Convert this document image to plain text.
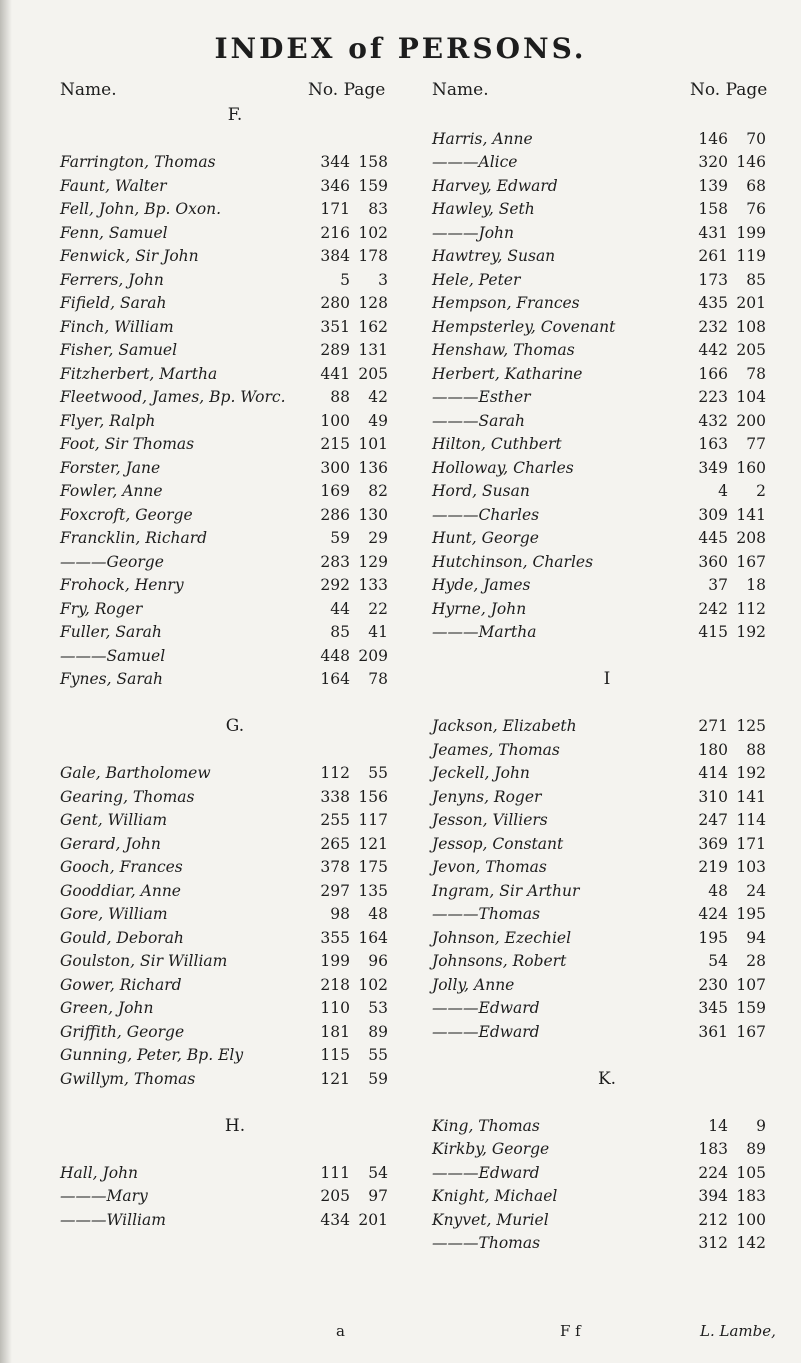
INDEX of PERSONS.
Name.	No. Page	Name.	No. Page
F.
Farrington, Thomas	344 158
Faunt, Walter	346 159
Fell, John, Bp. Oxon.	171	83
Fenn, Samuel	216 102
Fenwick, Sir John	384 178
Ferrers, John	5	3
Fifield, Sarah	280 128
Finch, William	351 162
Fisher, Samuel	289 131
Fitzherbert, Martha	441 205
Fleetwood, James, Bp. Worc.	88	42
Flyer, Ralph	100	49
Foot, Sir Thomas	215 101
Forster, Jane	300 136
Fowler, Anne	169	82
Foxcroft, George	286 130
Francklin, Richard	59	29
———George	283 129
Frohock, Henry	292 133
Fry, Roger	44	22
Fuller, Sarah	85	41
———Samuel	448 209
Fynes, Sarah	164	78
G.
Gale, Bartholomew	112	55
Gearing, Thomas	338 156
Gent, William	255 117
Gerard, John	265 121
Gooch, Frances	378 175
Gooddiar, Anne	297 135
Gore, William	98	48
Gould, Deborah	355 164
Goulston, Sir William	199	96
Gower, Richard	218 102
Green, John	110	53
Griffith, George	181	89
Gunning, Peter, Bp. Ely	115	55
Gwillym, Thomas	121	59
H.
Hall, John	111	54
———Mary	205	97
———William	434 201
Harris, Anne	146	70
———Alice	320 146
Harvey, Edward	139	68
Hawley, Seth	158	76
———John	431 199
Hawtrey, Susan	261 119
Hele, Peter	173	85
Hempson, Frances	435 201
Hempsterley, Covenant	232 108
Henshaw, Thomas	442 205
Herbert, Katharine	166	78
———Esther	223 104
———Sarah	432 200
Hilton, Cuthbert	163	77
Holloway, Charles	349 160
Hord, Susan	4	2
———Charles	309 141
Hunt, George	445 208
Hutchinson, Charles	360 167
Hyde, James	37	18
Hyrne, John	242 112
———Martha	415 192
I
Jackson, Elizabeth	271 125
Jeames, Thomas	180	88
Jeckell, John	414 192
Jenyns, Roger	310 141
Jesson, Villiers	247 114
Jessop, Constant	369 171
Jevon, Thomas	219 103
Ingram, Sir Arthur	48	24
———Thomas	424 195
Johnson, Ezechiel	195	94
Johnsons, Robert	54	28
Jolly, Anne	230 107
———Edward	345 159
———Edward	361 167
K.
King, Thomas	14	9
Kirkby, George	183	89
———Edward	224 105
Knight, Michael	394 183
Knyvet, Muriel	212 100
———Thomas	312 142
a	F f	L. Lambe,
